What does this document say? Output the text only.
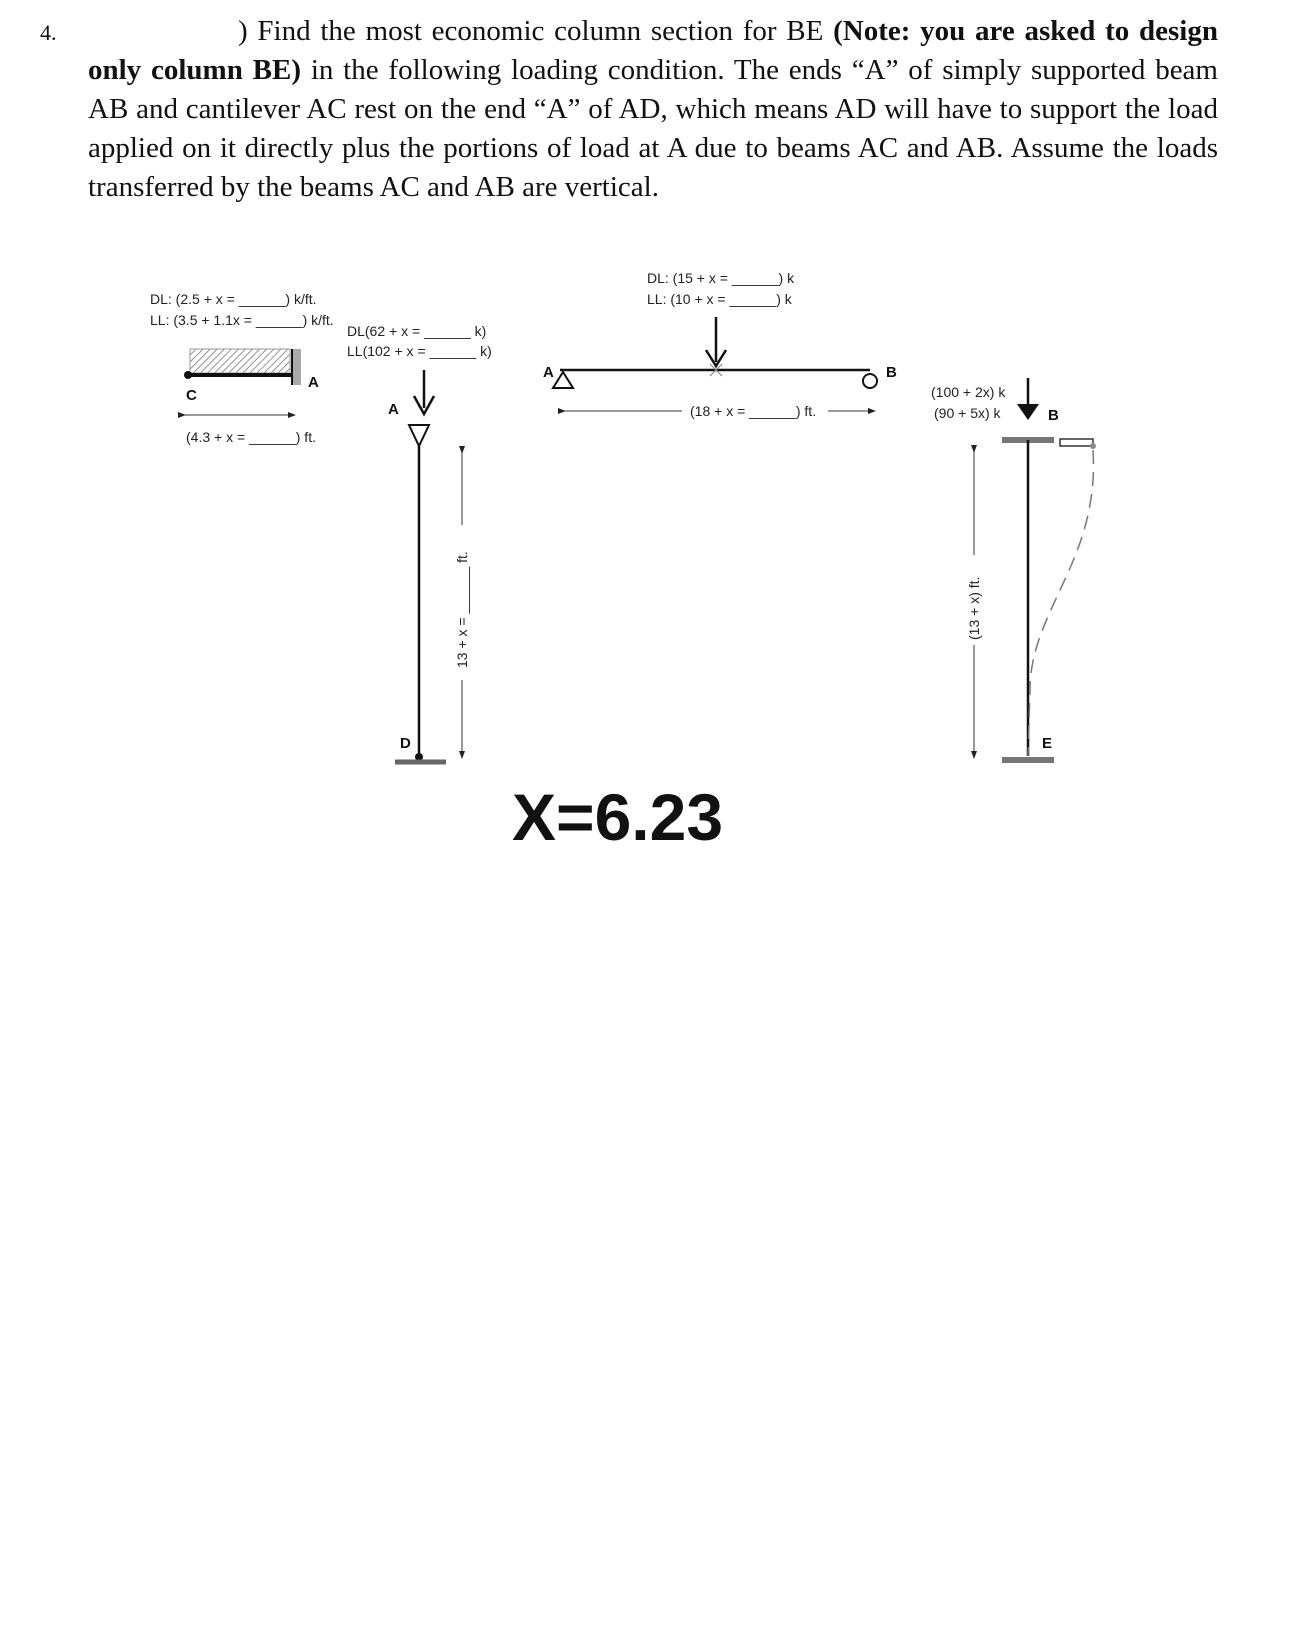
4.	) Find the most economic column section for BE (Note: you are asked to design only column BE) in the following loading condition. The ends “A” of simply supported beam AB and cantilever AC rest on the end “A” of AD, which means AD will have to support the load applied on it directly plus the portions of load at A due to beams AC and AB. Assume the loads transferred by the beams AC and AB are vertical.
DL: (2.5 + x = ______) k/ft.
LL: (3.5 + 1.1x = ______) k/ft.
C
A
(4.3 + x = ______) ft.
DL(62 + x = ______ k)
LL(102 + x = ______ k)
A
D
13 + x = ______ ft.
DL: (15 + x = ______) k
LL: (10 + x = ______) k
A	B
(18 + x = ______) ft.
(100 + 2x) k
(90 + 5x) k	B
E
(13 + x) ft.
X=6.23
